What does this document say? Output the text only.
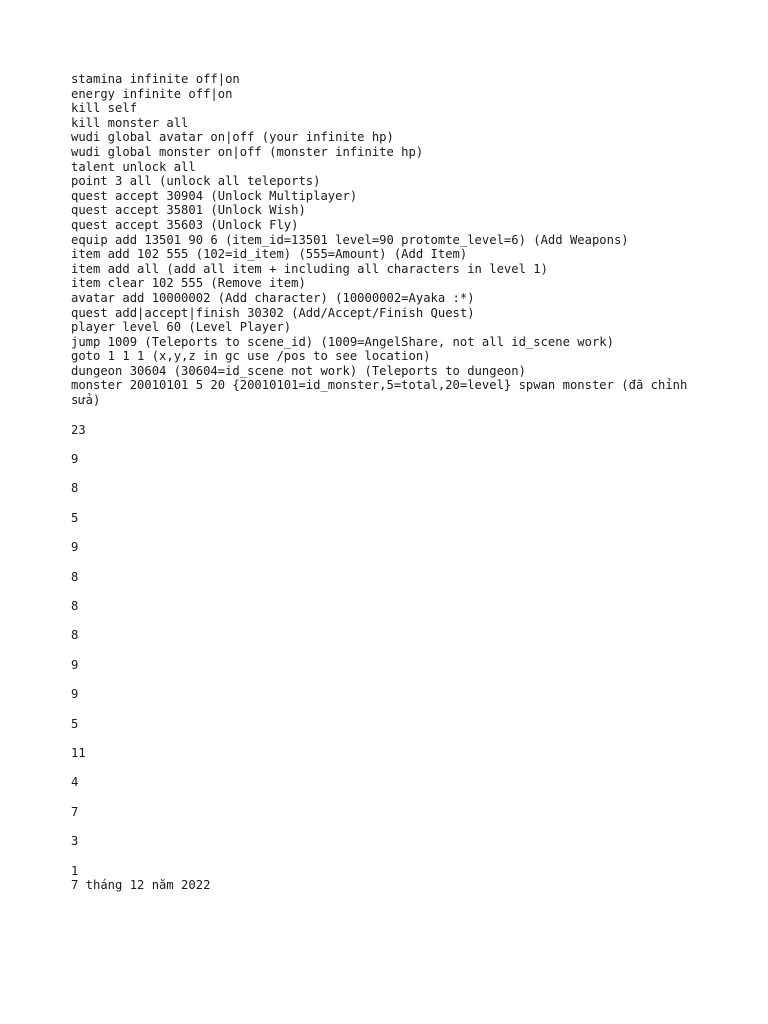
stamina infinite off|on

energy infinite off|on

kill self

kill monster all

wudi global avatar on|off (your infinite hp)

wudi global monster on|off (monster infinite hp)

talent unlock all

point 3 all (unlock all teleports)

quest accept 30904 (Unlock Multiplayer)

quest accept 35801 (Unlock Wish)

quest accept 35603 (Unlock Fly)

equip add 13501 90 6 (item_id=13501 level=90 protomte_level=6) (Add Weapons)

item add 102 555 (102=id_item) (555=Amount) (Add Item)

item add all (add all item + including all characters in level 1)

item clear 102 555 (Remove item)

avatar add 10000002 (Add character) (10000002=Ayaka :*)

quest add|accept|finish 30302 (Add/Accept/Finish Quest)

player level 60 (Level Player)

jump 1009 (Teleports to scene_id) (1009=AngelShare, not all id_scene work)

goto 1 1 1 (x,y,z in gc use /pos to see location)

dungeon 30604 (30604=id_scene not work) (Teleports to dungeon)

monster 20010101 5 20 {20010101=id_monster,5=total,20=level} spwan monster (đã chỉnh sửa)

23

9

8

5

9

8

8

8

9

9

5

11

4

7

3

1

7 tháng 12 năm 2022
